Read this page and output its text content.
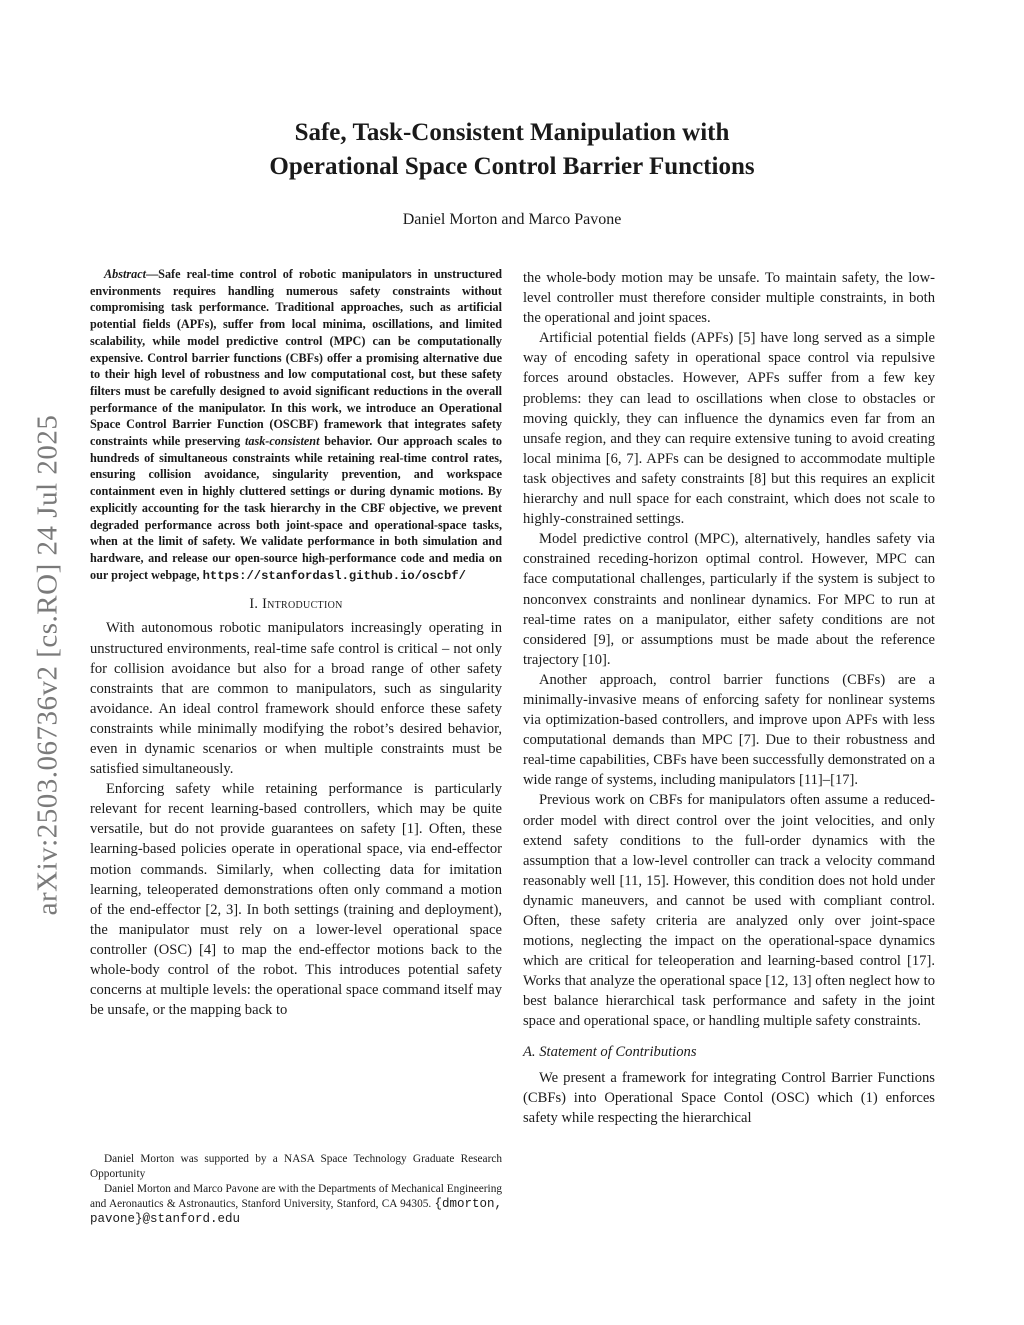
Safe, Task-Consistent Manipulation with
Operational Space Control Barrier Functions
Daniel Morton and Marco Pavone
arXiv:2503.06736v2 [cs.RO] 24 Jul 2025

Abstract—Safe real-time control of robotic manipulators in unstructured environments requires handling numerous safety constraints without compromising task performance. Traditional approaches, such as artificial potential fields (APFs), suffer from local minima, oscillations, and limited scalability, while model predictive control (MPC) can be computationally expensive. Control barrier functions (CBFs) offer a promising alternative due to their high level of robustness and low computational cost, but these safety filters must be carefully designed to avoid significant reductions in the overall performance of the manipulator. In this work, we introduce an Operational Space Control Barrier Function (OSCBF) framework that integrates safety constraints while preserving task-consistent behavior. Our approach scales to hundreds of simultaneous constraints while retaining real-time control rates, ensuring collision avoidance, singularity prevention, and workspace containment even in highly cluttered settings or during dynamic motions. By explicitly accounting for the task hierarchy in the CBF objective, we prevent degraded performance across both joint-space and operational-space tasks, when at the limit of safety. We validate performance in both simulation and hardware, and release our open-source high-performance code and media on our project webpage, https://stanfordasl.github.io/oscbf/

I. Introduction

With autonomous robotic manipulators increasingly operating in unstructured environments, real-time safe control is critical – not only for collision avoidance but also for a broad range of other safety constraints that are common to manipulators, such as singularity avoidance. An ideal control framework should enforce these safety constraints while minimally modifying the robot’s desired behavior, even in dynamic scenarios or when multiple constraints must be satisfied simultaneously.

Enforcing safety while retaining performance is particularly relevant for recent learning-based controllers, which may be quite versatile, but do not provide guarantees on safety [1]. Often, these learning-based policies operate in operational space, via end-effector motion commands. Similarly, when collecting data for imitation learning, teleoperated demonstrations often only command a motion of the end-effector [2, 3]. In both settings (training and deployment), the manipulator must rely on a lower-level operational space controller (OSC) [4] to map the end-effector motions back to the whole-body control of the robot. This introduces potential safety concerns at multiple levels: the operational space command itself may be unsafe, or the mapping back to

Daniel Morton was supported by a NASA Space Technology Graduate Research Opportunity

Daniel Morton and Marco Pavone are with the Departments of Mechanical Engineering and Aeronautics & Astronautics, Stanford University, Stanford, CA 94305. {dmorton, pavone}@stanford.edu

the whole-body motion may be unsafe. To maintain safety, the low-level controller must therefore consider multiple constraints, in both the operational and joint spaces.

Artificial potential fields (APFs) [5] have long served as a simple way of encoding safety in operational space control via repulsive forces around obstacles. However, APFs suffer from a few key problems: they can lead to oscillations when close to obstacles or moving quickly, they can influence the dynamics even far from an unsafe region, and they can require extensive tuning to avoid creating local minima [6, 7]. APFs can be designed to accommodate multiple task objectives and safety constraints [8] but this requires an explicit hierarchy and null space for each constraint, which does not scale to highly-constrained settings.

Model predictive control (MPC), alternatively, handles safety via constrained receding-horizon optimal control. However, MPC can face computational challenges, particularly if the system is subject to nonconvex constraints and nonlinear dynamics. For MPC to run at real-time rates on a manipulator, either safety conditions are not considered [9], or assumptions must be made about the reference trajectory [10].

Another approach, control barrier functions (CBFs) are a minimally-invasive means of enforcing safety for nonlinear systems via optimization-based controllers, and improve upon APFs with less computational demands than MPC [7]. Due to their robustness and real-time capabilities, CBFs have been successfully demonstrated on a wide range of systems, including manipulators [11]–[17].

Previous work on CBFs for manipulators often assume a reduced-order model with direct control over the joint velocities, and only extend safety conditions to the full-order dynamics with the assumption that a low-level controller can track a velocity command reasonably well [11, 15]. However, this condition does not hold under dynamic maneuvers, and cannot be used with compliant control. Often, these safety criteria are analyzed only over joint-space motions, neglecting the impact on the operational-space dynamics which are critical for teleoperation and learning-based control [17]. Works that analyze the operational space [12, 13] often neglect how to best balance hierarchical task performance and safety in the joint space and operational space, or handling multiple safety constraints.

A. Statement of Contributions

We present a framework for integrating Control Barrier Functions (CBFs) into Operational Space Contol (OSC) which (1) enforces safety while respecting the hierarchical
